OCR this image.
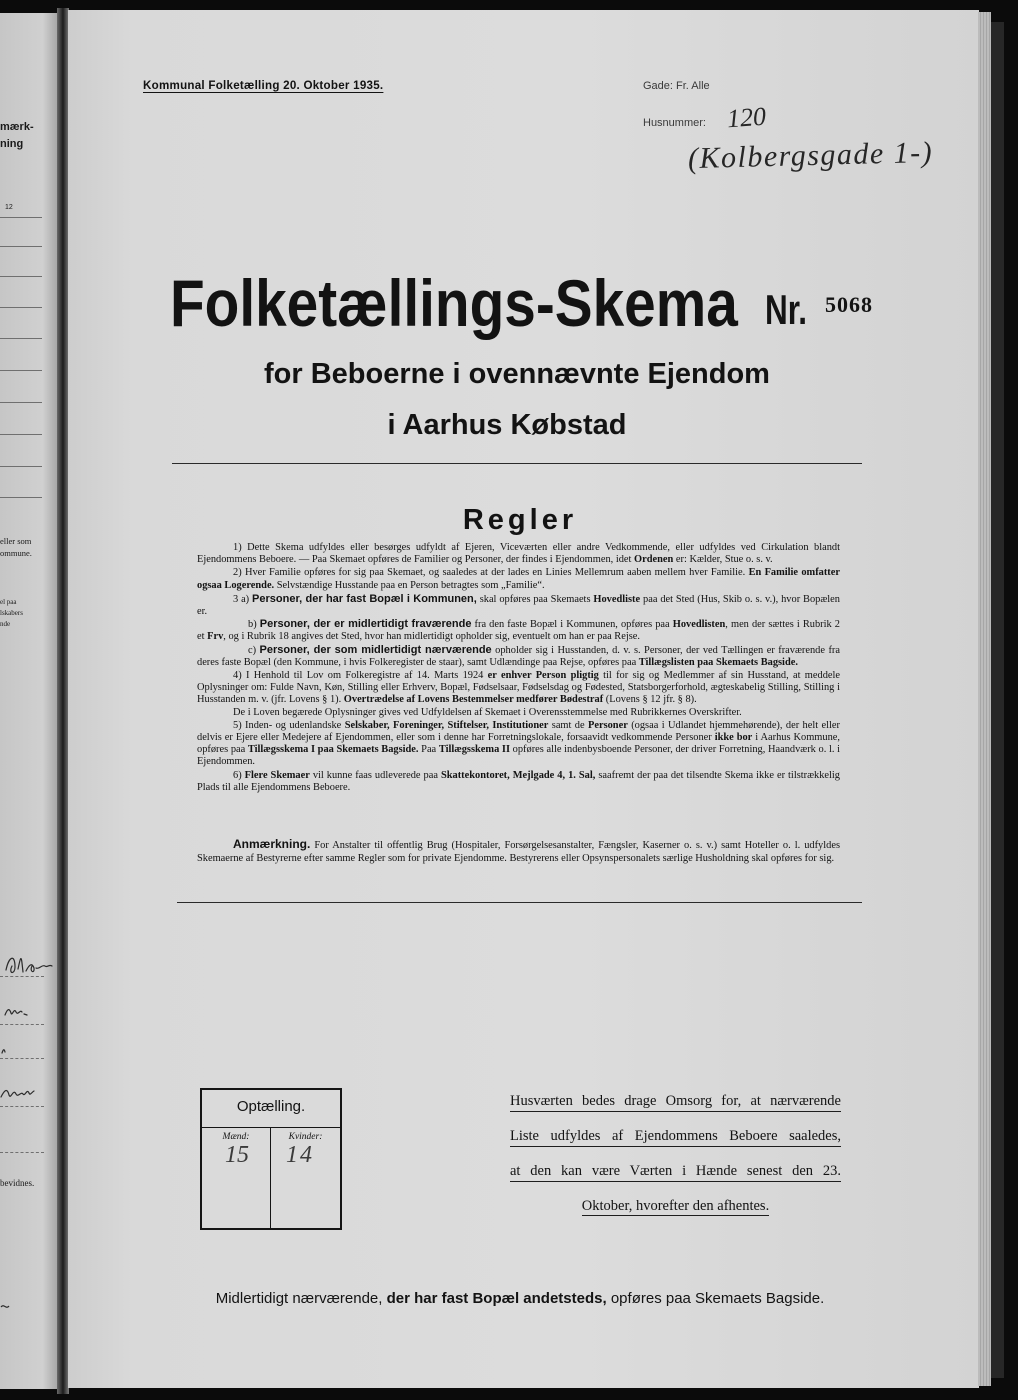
mærk-
ning
12
eller som
ommune.
el paa
lskabers
nde
bevidnes.
Kommunal Folketælling 20. Oktober 1935.	Gade: Fr. Alle
Husnummer: 120
(Kolbergsgade 1-)
Folketællings-Skema Nr. 5068
for Beboerne i ovennævnte Ejendom
i Aarhus Købstad
Regler

1) Dette Skema udfyldes eller besørges udfyldt af Ejeren, Viceværten eller andre Vedkommende, eller udfyldes ved Cirkulation blandt Ejendommens Beboere. — Paa Skemaet opføres de Familier og Personer, der findes i Ejendommen, idet Ordenen er: Kælder, Stue o. s. v.

2) Hver Familie opføres for sig paa Skemaet, og saaledes at der lades en Linies Mellemrum aaben mellem hver Familie. En Familie omfatter ogsaa Logerende. Selvstændige Husstande paa en Person betragtes som „Familie“.

3 a) Personer, der har fast Bopæl i Kommunen, skal opføres paa Skemaets Hovedliste paa det Sted (Hus, Skib o. s. v.), hvor Bopælen er.

b) Personer, der er midlertidigt fraværende fra den faste Bopæl i Kommunen, opføres paa Hovedlisten, men der sættes i Rubrik 2 et Frv, og i Rubrik 18 angives det Sted, hvor han midlertidigt opholder sig, eventuelt om han er paa Rejse.

c) Personer, der som midlertidigt nærværende opholder sig i Husstanden, d. v. s. Personer, der ved Tællingen er fraværende fra deres faste Bopæl (den Kommune, i hvis Folkeregister de staar), samt Udlændinge paa Rejse, opføres paa Tillægslisten paa Skemaets Bagside.

4) I Henhold til Lov om Folkeregistre af 14. Marts 1924 er enhver Person pligtig til for sig og Medlemmer af sin Husstand, at meddele Oplysninger om: Fulde Navn, Køn, Stilling eller Erhverv, Bopæl, Fødselsaar, Fødselsdag og Fødested, Statsborgerforhold, ægteskabelig Stilling, Stilling i Husstanden m. v. (jfr. Lovens § 1). Overtrædelse af Lovens Bestemmelser medfører Bødestraf (Lovens § 12 jfr. § 8).

De i Loven begærede Oplysninger gives ved Udfyldelsen af Skemaet i Overensstemmelse med Rubrikkernes Overskrifter.

5) Inden- og udenlandske Selskaber, Foreninger, Stiftelser, Institutioner samt de Personer (ogsaa i Udlandet hjemmehørende), der helt eller delvis er Ejere eller Medejere af Ejendommen, eller som i denne har Forretningslokale, forsaavidt vedkommende Personer ikke bor i Aarhus Kommune, opføres paa Tillægsskema I paa Skemaets Bagside. Paa Tillægsskema II opføres alle indenbysboende Personer, der driver Forretning, Haandværk o. l. i Ejendommen.

6) Flere Skemaer vil kunne faas udleverede paa Skattekontoret, Mejlgade 4, 1. Sal, saafremt der paa det tilsendte Skema ikke er tilstrækkelig Plads til alle Ejendommens Beboere.

Anmærkning. For Anstalter til offentlig Brug (Hospitaler, Forsørgelsesanstalter, Fængsler, Kaserner o. s. v.) samt Hoteller o. l. udfyldes Skemaerne af Bestyrerne efter samme Regler som for private Ejendomme. Bestyrerens eller Opsynspersonalets særlige Husholdning skal opføres for sig.
Optælling.
Mænd:	Kvinder:
15 14
Husværten bedes drage Omsorg for, at nærværende
Liste udfyldes af Ejendommens Beboere saaledes,
at den kan være Værten i Hænde senest den 23.
Oktober, hvorefter den afhentes.
Midlertidigt nærværende, der har fast Bopæl andetsteds, opføres paa Skemaets Bagside.
